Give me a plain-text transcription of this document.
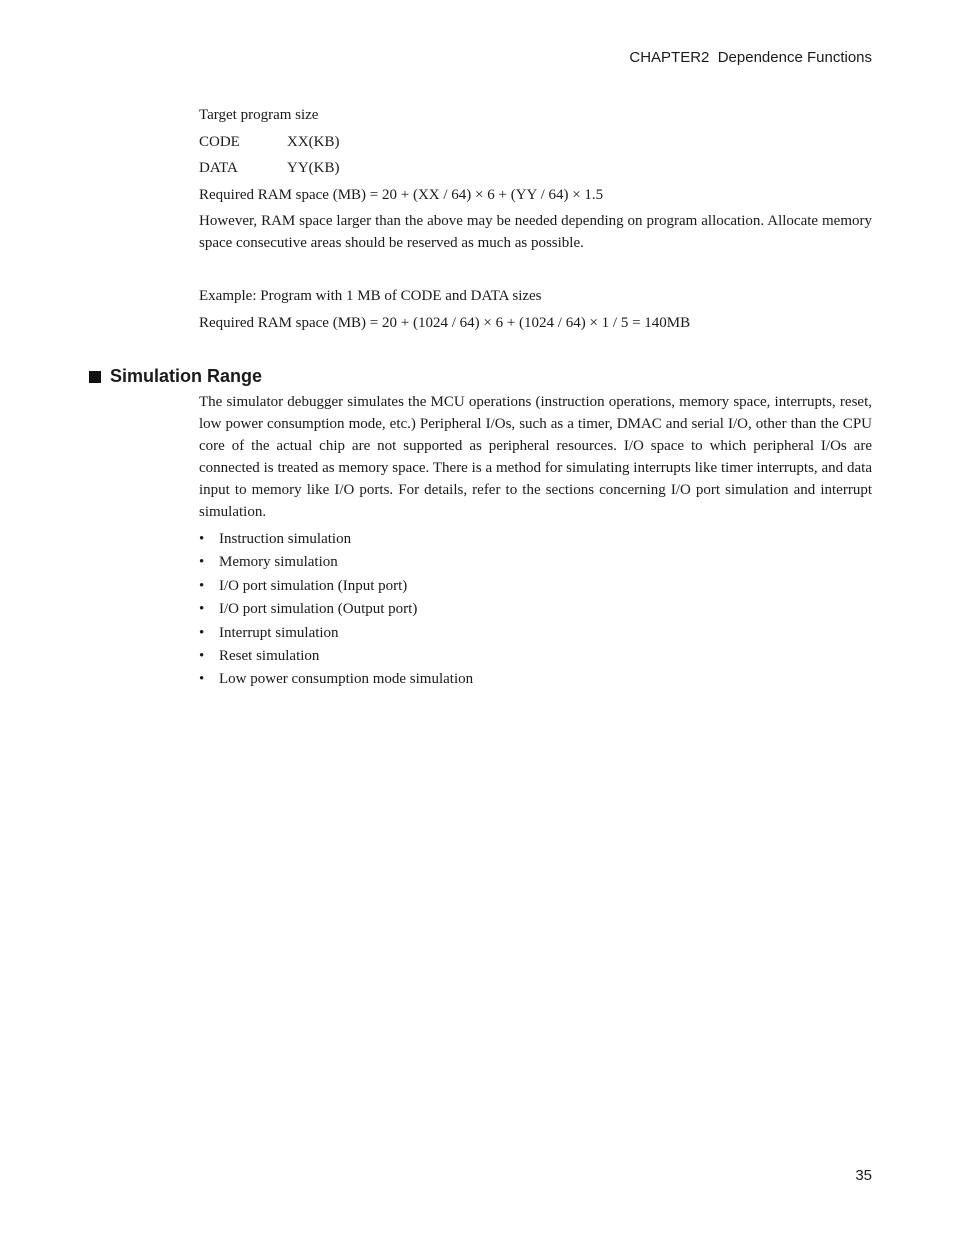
CHAPTER2  Dependence Functions
Target program size
CODE	XX(KB)
DATA	YY(KB)
Required RAM space (MB) = 20 + (XX / 64) × 6 + (YY / 64) × 1.5
However, RAM space larger than the above may be needed depending on program allocation. Allocate memory space consecutive areas should be reserved as much as possible.
Example: Program with 1 MB of CODE and DATA sizes
Required RAM space (MB) = 20 + (1024 / 64) × 6 + (1024 / 64) × 1 / 5 = 140MB
Simulation Range
The simulator debugger simulates the MCU operations (instruction operations, memory space, interrupts, reset, low power consumption mode, etc.) Peripheral I/Os, such as a timer, DMAC and serial I/O, other than the CPU core of the actual chip are not supported as peripheral resources. I/O space to which peripheral I/Os are connected is treated as memory space. There is a method for simulating interrupts like timer interrupts, and data input to memory like I/O ports. For details, refer to the sections concerning I/O port simulation and interrupt simulation.
• Instruction simulation
• Memory simulation
• I/O port simulation (Input port)
• I/O port simulation (Output port)
• Interrupt simulation
• Reset simulation
• Low power consumption mode simulation
35
